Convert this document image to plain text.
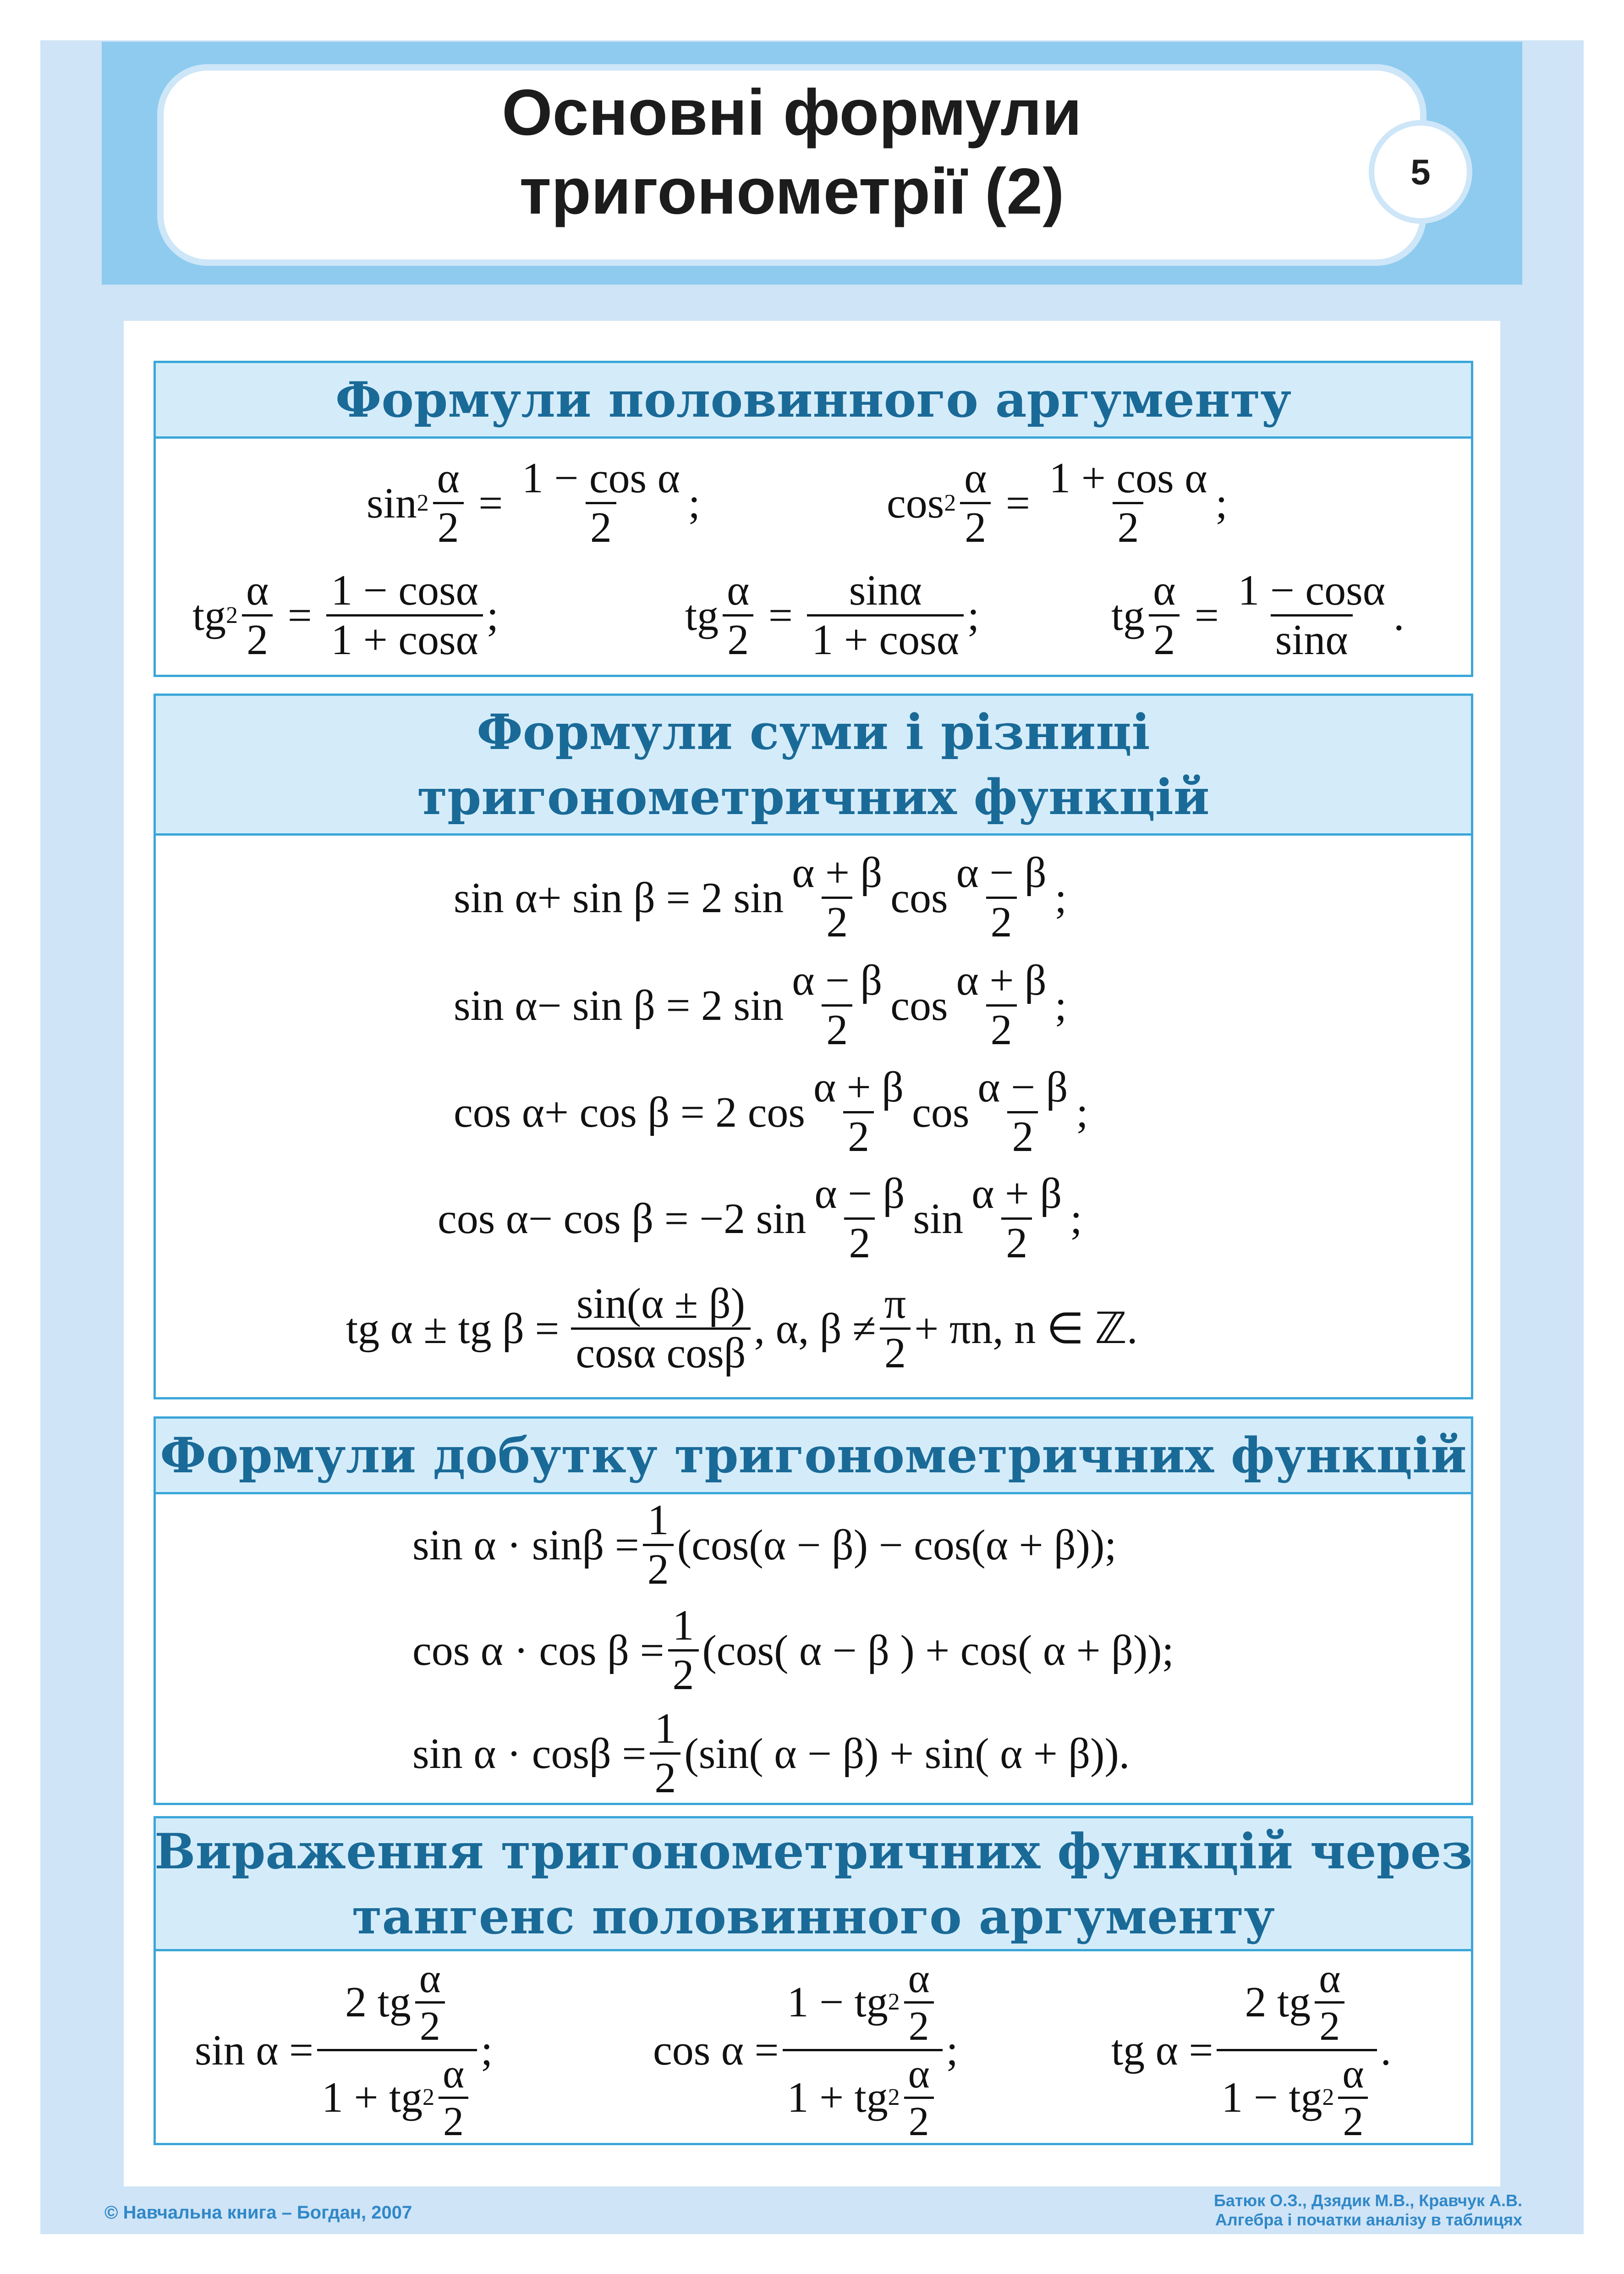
Основні формули
тригонометрії (2)	5
Формули половинного аргументу
$\sin 2 \frac{\alpha}{2} = \frac{\text{1 − cos α}}{2}$ ;	$\cos 2 \frac{\alpha}{2} = \frac{\text{1 + cos α}}{2}$ ;
tg $2 \frac{\alpha}{2} = \frac{1 - \cos\alpha}{1 + \cos\alpha}$ ;	tg $\frac{\alpha}{2} = \frac{\sin\alpha}{1 + \cos\alpha}$ ;	tg $\frac{\alpha}{2} = \frac{1 - \cos\alpha}{\sin\alpha}$ .
Формули суми і різниці
тригонометричних функцій
sin α+ sin β = 2 $\sin \frac{\alpha + \beta}{2}$ $\cos \frac{\alpha - \beta}{2}$ ;
sin α− sin β = 2 $\sin \frac{\alpha - \beta}{2}$ $\cos \frac{\alpha + \beta}{2}$ ;
cos α+ cos β = 2 $\cos \frac{\alpha + \beta}{2}$ $\cos \frac{\alpha - \beta}{2}$ ;
cos α− cos β = −2 $\sin \frac{\alpha - \beta}{2}$ $\sin \frac{\alpha + \beta}{2}$ ;
tg α ± tg $\beta = \frac{\sin(\alpha \pm \beta)}{\text{cosα cosβ}}$ , α, $\beta \ne \frac{\pi}{2} + \pi n$, n ∈ ℤ.
Формули добутку тригонометричних функцій
$\sin \alpha \cdot \sin\beta = \frac{1}{2} (\cos(\alpha - \beta) - \cos(\alpha + \beta))$;
$\cos \alpha \cdot \cos \beta = \frac{1}{2} (\cos$( α − β ) + cos( α + β));
$\sin \alpha \cdot \cos\beta = \frac{1}{2} (\sin$( α − β) + sin( α + β)).
Вираження тригонометричних функцій через
тангенс половинного аргументу
$\sin \alpha = \frac{2 tg \frac{\alpha}{2}}{1 + tg 2 \frac{\alpha}{2}}$ ;	$\cos \alpha = \frac{1 - tg 2 \frac{\alpha}{2}}{1 + tg 2 \frac{\alpha}{2}}$ ;	tg $\alpha = \frac{2 tg \frac{\alpha}{2}}{1 - tg 2 \frac{\alpha}{2}}$ .
© Навчальна книга – Богдан, 2007
Батюк О.З., Дзядик М.В., Кравчук А.В.
Алгебра і початки аналізу в таблицях
